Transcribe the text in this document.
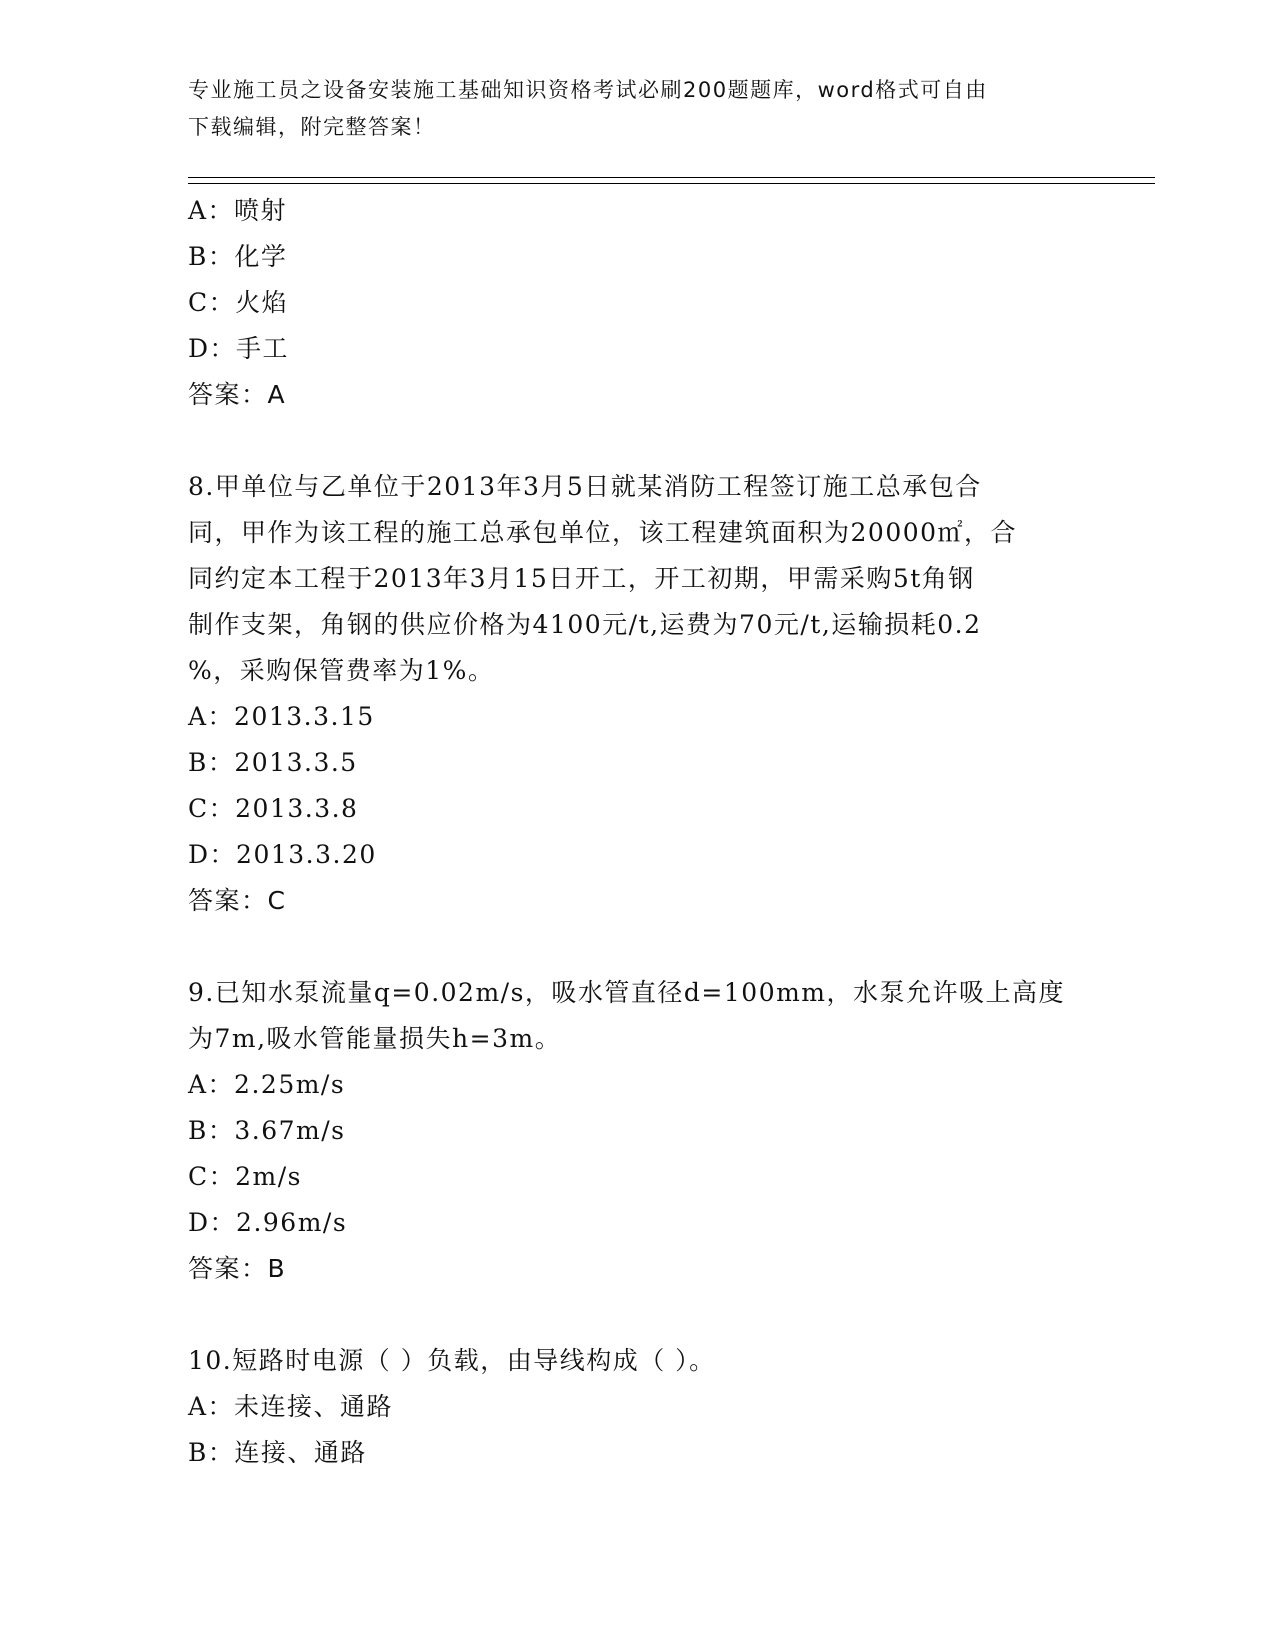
专业施工员之设备安装施工基础知识资格考试必刷200题题库，word格式可自由
下载编辑，附完整答案！
A：喷射
B：化学
C：火焰
D：手工
答案：A
8.甲单位与乙单位于2013年3月5日就某消防工程签订施工总承包合
同，甲作为该工程的施工总承包单位，该工程建筑面积为20000㎡，合
同约定本工程于2013年3月15日开工，开工初期，甲需采购5t角钢
制作支架，角钢的供应价格为4100元/t,运费为70元/t,运输损耗0.2
%，采购保管费率为1%。
A：2013.3.15
B：2013.3.5
C：2013.3.8
D：2013.3.20
答案：C
9.已知水泵流量q=0.02m/s，吸水管直径d=100mm，水泵允许吸上高度
为7m,吸水管能量损失h=3m。
A：2.25m/s
B：3.67m/s
C：2m/s
D：2.96m/s
答案：B
10.短路时电源（ ）负载，由导线构成（ ）。
A：未连接、通路
B：连接、通路
